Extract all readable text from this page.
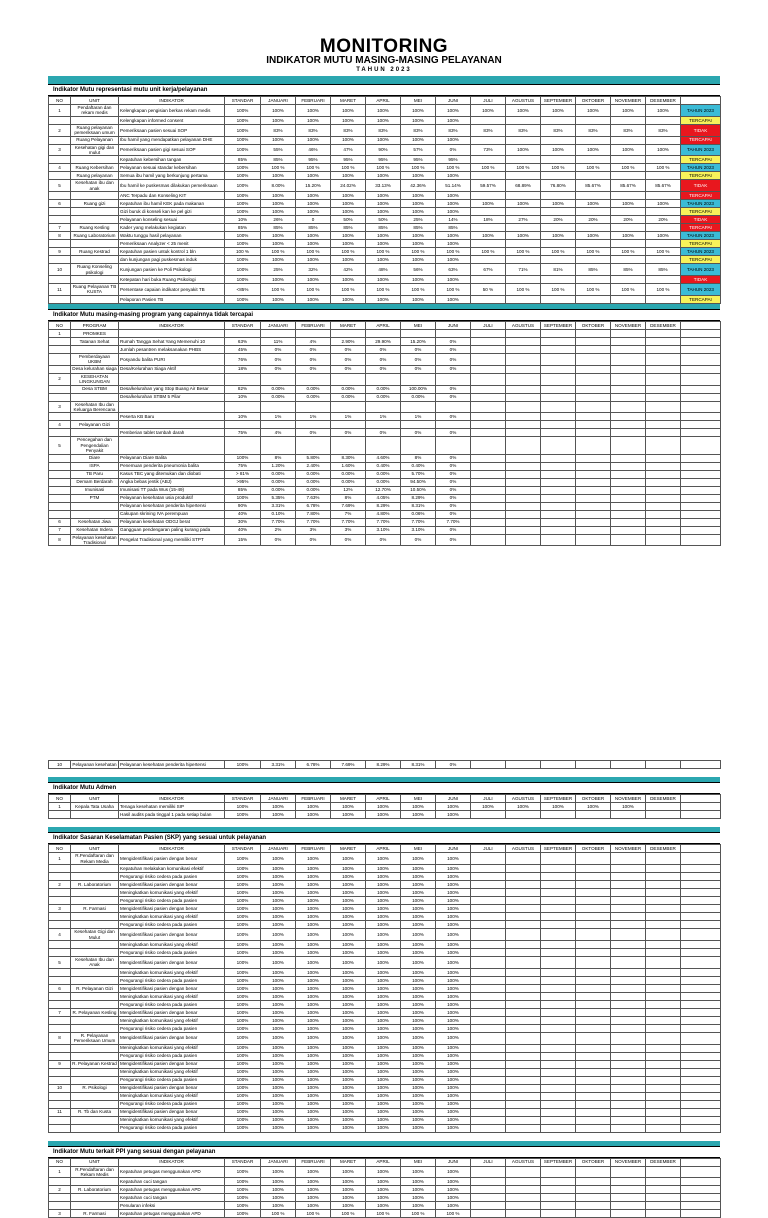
MONITORING
INDIKATOR MUTU MASING-MASING PELAYANAN
TAHUN 2023
Indikator Mutu representasi mutu unit kerja/pelayanan
NO	UNIT	INDIKATOR	STANDAR	JANUARI	FEBRUARI	MARET	APRIL	MEI	JUNI	JULI	AGUSTUS	SEPTEMBER	OKTOBER	NOVEMBER	DESEMBER	
1	Pendaftaran dan rekam medis	Kelengkapan pengisian berkas rekam medis	100%	100%	100%	100%	100%	100%	100%	100%	100%	100%	100%	100%	100%	TAHUN 2023
		Kelengkapan informed consent	100%	100%	100%	100%	100%	100%	100%							TERCAPAI
2	Ruang pelayanan pemeriksaan umum	Pemeriksaan pasien sesuai SOP	100%	83%	83%	83%	83%	83%	83%	83%	83%	83%	83%	83%	83%	TIDAK
	Ruang Pelayanan	Ibu hamil yang mendapatkan pelayanan DHE	100%	100%	100%	100%	100%	100%	100%							TERCAPAI
3	Kesehatan gigi dan mulut	Pemeriksaan pasien gigi sesuai SOP	100%	55%	46%	47%	90%	57%	0%	73%	100%	100%	100%	100%	100%	TAHUN 2023
		Kepatuhan kebersihan tangan	85%	85%	95%	95%	95%	95%	95%							TERCAPAI
4	Ruang Kebersihan	Pelayanan sesuai standar kebersihan	100%	100 %	100 %	100 %	100 %	100 %	100 %	100 %	100 %	100 %	100 %	100 %	100 %	TAHUN 2023
	Ruang pelayanan	Semua ibu hamil yang berkunjung pertama	100%	100%	100%	100%	100%	100%	100%							TERCAPAI
5	Kesehatan ibu dan anak	Ibu hamil ke puskesmas dilakukan pemeriksaan	100%	8.00%	15.20%	24.02%	33.13%	42.36%	51.14%	59.57%	68.89%	76.80%	85.67%	85.67%	85.67%	TIDAK
		ANC Terpadu dan Konseling KIT	100%	100%	100%	100%	100%	100%	100%							TERCAPAI
6	Ruang gizi	Kepatuhan ibu hamil KEK pada makanan	100%	100%	100%	100%	100%	100%	100%	100%	100%	100%	100%	100%	100%	TAHUN 2023
		Gizi buruk di konseli kan ke pel gizi	100%	100%	100%	100%	100%	100%	100%							TERCAPAI
		Pelayanan konseling sesuai	10%	26%	0	50%	50%	25%	14%	18%	27%	20%	20%	20%	20%	TIDAK
7	Ruang Kesling	Kader yang melakukan kegiatan	85%	85%	85%	85%	85%	85%	85%							TERCAPAI
8	Ruang Laboratorium	Waktu tunggu hasil pelayanan	100%	100%	100%	100%	100%	100%	100%	100%	100%	100%	100%	100%	100%	TAHUN 2023
		Pemeriksaan Analyzer < 25 menit	100%	100%	100%	100%	100%	100%	100%							TERCAPAI
9	Ruang Kestrad	Kepatuhan pasien untuk kontrol 1 bln	100 %	100 %	100 %	100 %	100 %	100 %	100 %	100 %	100 %	100 %	100 %	100 %	100 %	TAHUN 2023
		dan kunjungan pagi puskesmas induk	100%	100%	100%	100%	100%	100%	100%							TERCAPAI
10	Ruang Konseling psikologi	Kunjungan pasien ke Poli Psikologi	100%	25%	32%	42%	48%	56%	63%	67%	71%	81%	85%	85%	85%	TAHUN 2023
		Ketepatan hari buka Ruang Psikologi	100%	100%	100%	100%	100%	100%	100%							TIDAK
11	Ruang Pelayanan TB KUSTA	Persentase capaian indikator penyakit TB	<85%	100 %	100 %	100 %	100 %	100 %	100 %	50 %	100 %	100 %	100 %	100 %	100 %	TAHUN 2023
		Pelaporan Pasien TB	100%	100%	100%	100%	100%	100%	100%							TERCAPAI
Indikator Mutu masing-masing program yang capainnya tidak tercapai
NO	PROGRAM	INDIKATOR	STANDAR	JANUARI	FEBRUARI	MARET	APRIL	MEI	JUNI	JULI	AGUSTUS	SEPTEMBER	OKTOBER	NOVEMBER	DESEMBER	
1	PROMKES															
	Tatanan Sehat	Rumah Tangga Sehat Yang Memenuhi 10	63%	11%	4%	2.90%	29.90%	15.20%	0%							
		Jumlah pesantren melaksanakan PHBS	45%	0%	0%	0%	0%	0%	0%							
	Pemberdayaan UKBM	Posyandu balita PURI	76%	0%	0%	0%	0%	0%	0%							
	Desa kelurahan siaga	Desa/Kelurahan Siaga Aktif	18%	0%	0%	0%	0%	0%	0%							
2	KESEHATAN LINGKUNGAN															
	Desa STBM	Desa/kelurahan yang Stop Buang Air Besar	82%	0.00%	0.00%	0.00%	0.00%	100.00%	0%							
		Desa/kelurahan STBM 5 Pilar	10%	0.00%	0.00%	0.00%	0.00%	0.00%	0%							
3	Kesehatan Ibu dan Keluarga Berencana															
		Peserta KB Baru	10%	1%	1%	1%	1%	1%	0%							
4	Pelayanan Gizi															
		Pemberian tablet tambah darah	75%	4%	0%	0%	0%	0%	0%							
5	Pencegahan dan Pengendalian Penyakit															
	Diare	Pelayanan Diare Balita	100%	8%	5.80%	8.30%	4.60%	8%	0%							
	ISPA	Penemuan penderita pneumonia balita	75%	1.20%	2.40%	1.60%	0.40%	0.40%	0%							
	TB Paru	Kasus TBC yang ditemukan dan diobati	> 81%	0.00%	0.00%	0.00%	0.00%	5.70%	0%							
	Demam Berdarah	Angka bebas jentik (ABJ)	>95%	0.00%	0.00%	0.00%	0.00%	94.50%	0%							
	Imunisasi	Imunisasi TT pada Wus (15-49)	85%	0.00%	0.00%	12%	12.70%	10.50%	0%							
	PTM	Pelayanan kesehatan usia produktif	100%	5.35%	7.63%	8%	4.05%	8.29%	0%							
		Pelayanan kesehatan penderita hipertensi	90%	3.31%	6.78%	7.69%	8.29%	8.31%	0%							
		Cakupan skrining IVA perempuan	40%	0.10%	7.80%	7%	4.80%	0.06%	0%							
6	Kesehatan Jiwa	Pelayanan kesehatan ODGJ berat	30%	7.70%	7.70%	7.70%	7.70%	7.70%	7.70%							
7	Kesehatan Indera	Gangguan pendengaran paling kurang pada	40%	2%	3%	3%	3.10%	3.10%	0%							
8	Pelayanan kesehatan Tradisional	Pengelat Tradisional yang memiliki STPT	15%	0%	0%	0%	0%	0%	0%							
10	Pelayanan kesehatan	Pelayanan kesehatan penderita hipertensi	100%	3.31%	6.78%	7.69%	8.29%	8.31%	0%							
Indikator Mutu Admen
NO	UNIT	INDIKATOR	STANDAR	JANUARI	FEBRUARI	MARET	APRIL	MEI	JUNI	JULI	AGUSTUS	SEPTEMBER	OKTOBER	NOVEMBER	DESEMBER	
1	Kepala Tata Usaha	Tenaga kesehatan memiliki SIP	100%	100%	100%	100%	100%	100%	100%	100%	100%	100%	100%	100%		
		Hasil audits pada tinggal 1 pada setiap bulan	100%	100%	100%	100%	100%	100%	100%							
Indikator Sasaran Keselamatan Pasien (SKP) yang sesuai untuk pelayanan
NO	UNIT	INDIKATOR	STANDAR	JANUARI	FEBRUARI	MARET	APRIL	MEI	JUNI	JULI	AGUSTUS	SEPTEMBER	OKTOBER	NOVEMBER	DESEMBER	
1	R.Pendaftaran dan Rekam Media	Mengidentifikasi pasien dengan benar	100%	100%	100%	100%	100%	100%	100%							
		Kepatuhan melakukan komunikasi efektif	100%	100%	100%	100%	100%	100%	100%							
		Pengurangi risiko cedera pada pasien	100%	100%	100%	100%	100%	100%	100%							
2	R. Laboratorium	Mengidentifikasi pasien dengan benar	100%	100%	100%	100%	100%	100%	100%							
		Meningkatkan komunikasi yang efektif	100%	100%	100%	100%	100%	100%	100%							
		Pengurangi risiko cedera pada pasien	100%	100%	100%	100%	100%	100%	100%							
3	R. Farmasi	Mengidentifikasi pasien dengan benar	100%	100%	100%	100%	100%	100%	100%							
		Meningkatkan komunikasi yang efektif	100%	100%	100%	100%	100%	100%	100%							
		Pengurangi risiko cedera pada pasien	100%	100%	100%	100%	100%	100%	100%							
4	Kesehatan Gigi dan Mulut	Mengidentifikasi pasien dengan benar	100%	100%	100%	100%	100%	100%	100%							
		Meningkatkan komunikasi yang efektif	100%	100%	100%	100%	100%	100%	100%							
		Pengurangi risiko cedera pada pasien	100%	100%	100%	100%	100%	100%	100%							
5	Kesehatan Ibu dan Anak	Mengidentifikasi pasien dengan benar	100%	100%	100%	100%	100%	100%	100%							
		Meningkatkan komunikasi yang efektif	100%	100%	100%	100%	100%	100%	100%							
		Pengurangi risiko cedera pada pasien	100%	100%	100%	100%	100%	100%	100%							
6	R. Pelayanan Gizi	Mengidentifikasi pasien dengan benar	100%	100%	100%	100%	100%	100%	100%							
		Meningkatkan komunikasi yang efektif	100%	100%	100%	100%	100%	100%	100%							
		Pengurangi risiko cedera pada pasien	100%	100%	100%	100%	100%	100%	100%							
7	R. Pelayanan Kesling	Mengidentifikasi pasien dengan benar	100%	100%	100%	100%	100%	100%	100%							
		Meningkatkan komunikasi yang efektif	100%	100%	100%	100%	100%	100%	100%							
		Pengurangi risiko cedera pada pasien	100%	100%	100%	100%	100%	100%	100%							
8	R. Pelayanan Pemeriksaan Umum	Mengidentifikasi pasien dengan benar	100%	100%	100%	100%	100%	100%	100%							
		Meningkatkan komunikasi yang efektif	100%	100%	100%	100%	100%	100%	100%							
		Pengurangi risiko cedera pada pasien	100%	100%	100%	100%	100%	100%	100%							
9	R. Pelayanan Kestrad	Mengidentifikasi pasien dengan benar	100%	100%	100%	100%	100%	100%	100%							
		Meningkatkan komunikasi yang efektif	100%	100%	100%	100%	100%	100%	100%							
		Pengurangi risiko cedera pada pasien	100%	100%	100%	100%	100%	100%	100%							
10	R. Psikologi	Mengidentifikasi pasien dengan benar	100%	100%	100%	100%	100%	100%	100%							
		Meningkatkan komunikasi yang efektif	100%	100%	100%	100%	100%	100%	100%							
		Pengurangi risiko cedera pada pasien	100%	100%	100%	100%	100%	100%	100%							
11	R. Tb dan Kusta	Mengidentifikasi pasien dengan benar	100%	100%	100%	100%	100%	100%	100%							
		Meningkatkan komunikasi yang efektif	100%	100%	100%	100%	100%	100%	100%							
		Pengurangi risiko cedera pada pasien	100%	100%	100%	100%	100%	100%	100%							
Indikator Mutu terkait PPI yang sesuai dengan pelayanan
NO	UNIT	INDIKATOR	STANDAR	JANUARI	FEBRUARI	MARET	APRIL	MEI	JUNI	JULI	AGUSTUS	SEPTEMBER	OKTOBER	NOVEMBER	DESEMBER	
1	R.Pendaftaran dan Rekam Medis	Kepatuhan petugas menggunakan APD	100%	100%	100%	100%	100%	100%	100%							
		Kepatuhan cuci tangan	100%	100%	100%	100%	100%	100%	100%							
2	R. Laboratorium	Kepatuhan petugas menggunakan APD	100%	100%	100%	100%	100%	100%	100%							
		Kepatuhan cuci tangan	100%	100%	100%	100%	100%	100%	100%							
		Penularan infeksi	100%	100%	100%	100%	100%	100%	100%							
3	R. Farmasi	Kepatuhan petugas menggunakan APD	100%	100 %	100 %	100 %	100 %	100 %	100 %							
